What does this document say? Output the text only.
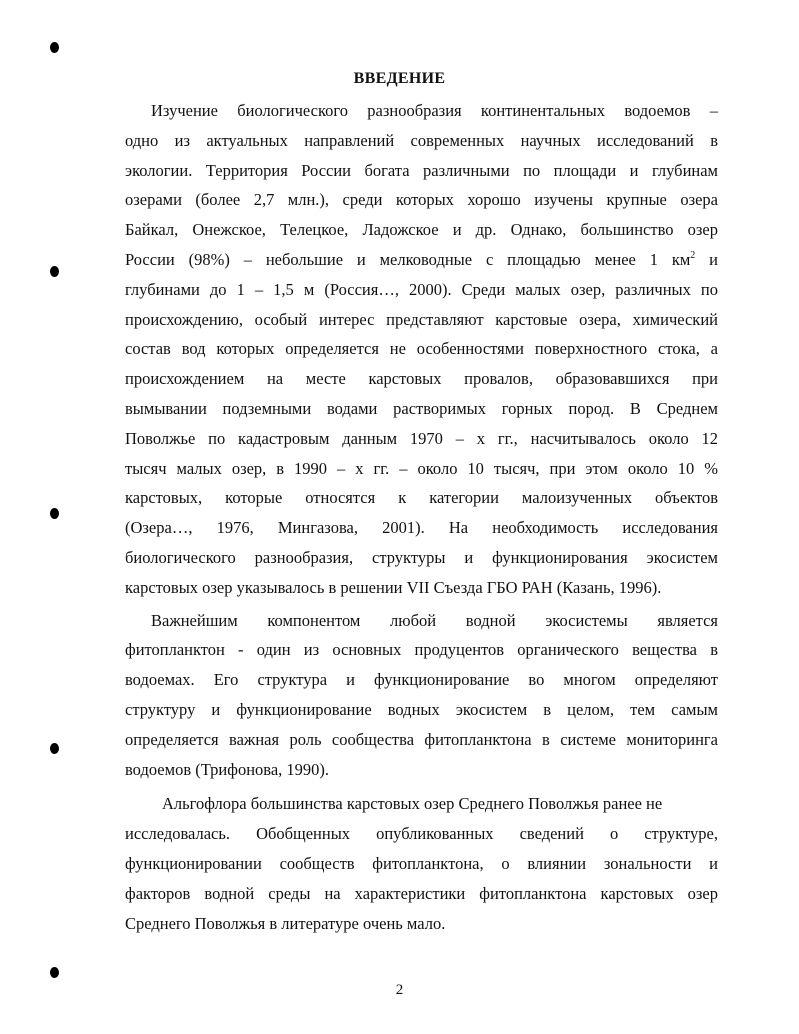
ВВЕДЕНИЕ
Изучение биологического разнообразия континентальных водоемов –
одно из актуальных направлений современных научных исследований в
экологии. Территория России богата различными по площади и глубинам
озерами (более 2,7 млн.), среди которых хорошо изучены крупные озера
Байкал, Онежское, Телецкое, Ладожское и др. Однако, большинство озер
России (98%) – небольшие и мелководные с площадью менее 1 $км^2$ и
глубинами до 1 – 1,5 м (Россия…, 2000). Среди малых озер, различных по
происхождению, особый интерес представляют карстовые озера, химический
состав вод которых определяется не особенностями поверхностного стока, а
происхождением на месте карстовых провалов, образовавшихся при
вымывании подземными водами растворимых горных пород. В Среднем
Поволжье по кадастровым данным 1970 – х гг., насчитывалось около 12
тысяч малых озер, в 1990 – х гг. – около 10 тысяч, при этом около 10 %
карстовых, которые относятся к категории малоизученных объектов
(Озера…, 1976, Мингазова, 2001). На необходимость исследования
биологического разнообразия, структуры и функционирования экосистем
карстовых озер указывалось в решении VII Съезда ГБО РАН (Казань, 1996).
Важнейшим компонентом любой водной экосистемы является
фитопланктон - один из основных продуцентов органического вещества в
водоемах. Его структура и функционирование во многом определяют
структуру и функционирование водных экосистем в целом, тем самым
определяется важная роль сообщества фитопланктона в системе мониторинга
водоемов (Трифонова, 1990).
Альгофлора большинства карстовых озер Среднего Поволжья ранее не
исследовалась. Обобщенных опубликованных сведений о структуре,
функционировании сообществ фитопланктона, о влиянии зональности и
факторов водной среды на характеристики фитопланктона карстовых озер
Среднего Поволжья в литературе очень мало.
2
